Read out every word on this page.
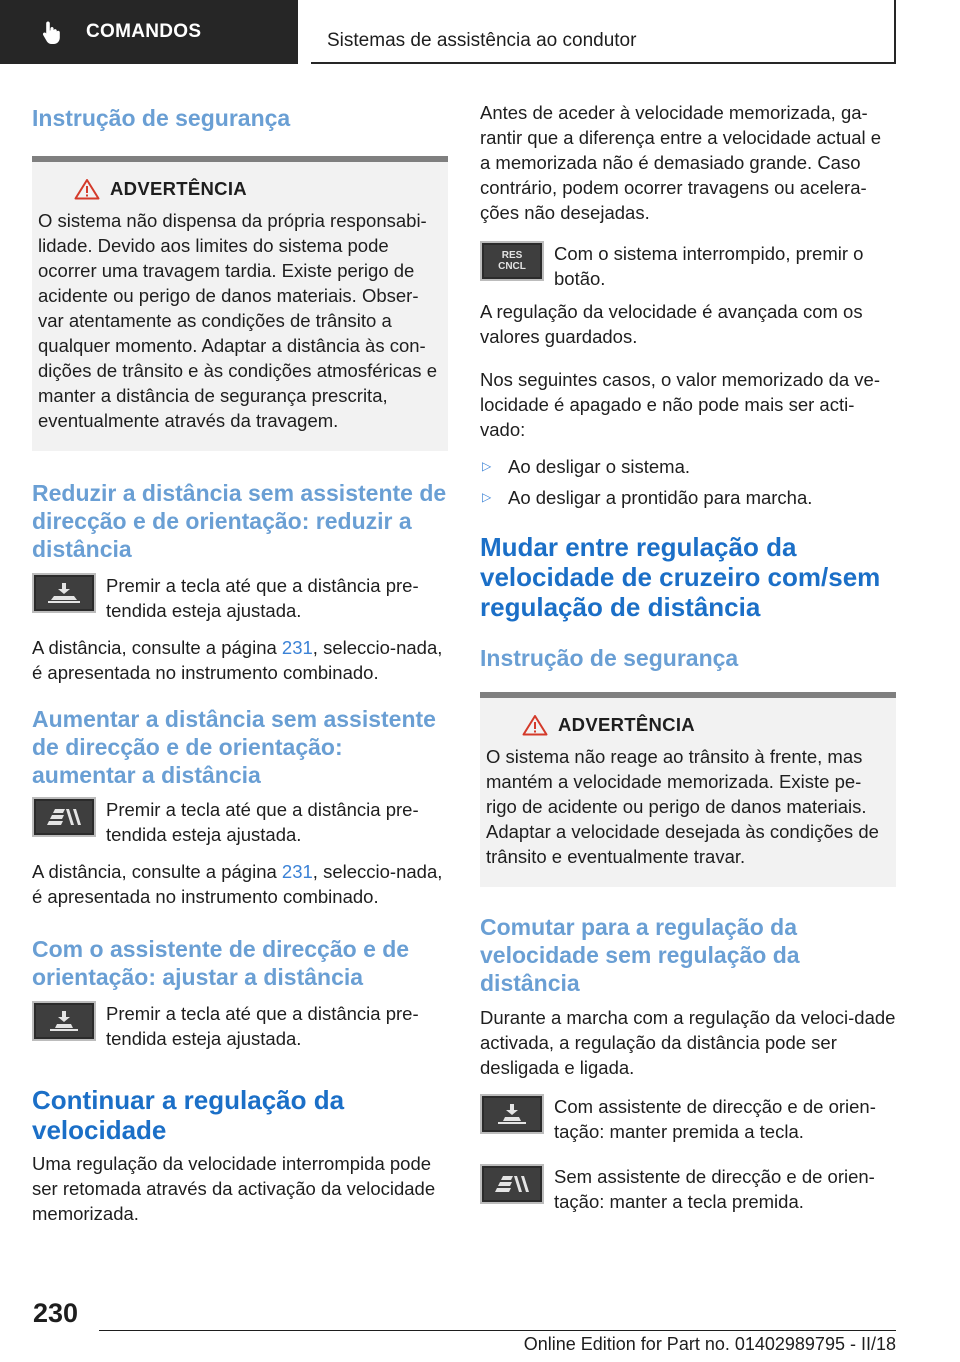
COMANDOS	Sistemas de assistência ao condutor
Instrução de segurança
ADVERTÊNCIA
O sistema não dispensa da própria responsabi-lidade. Devido aos limites do sistema pode ocorrer uma travagem tardia. Existe perigo de acidente ou perigo de danos materiais. Obser-var atentamente as condições de trânsito a qualquer momento. Adaptar a distância às con-dições de trânsito e às condições atmosféricas e manter a distância de segurança prescrita, eventualmente através da travagem.
Reduzir a distância sem assistente de direcção e de orientação: reduzir a distância
Premir a tecla até que a distância pre-tendida esteja ajustada.
A distância, consulte a página 231, seleccio-nada, é apresentada no instrumento combinado.
Aumentar a distância sem assistente de direcção e de orientação: aumentar a distância
Premir a tecla até que a distância pre-tendida esteja ajustada.
A distância, consulte a página 231, seleccio-nada, é apresentada no instrumento combinado.
Com o assistente de direcção e de orientação: ajustar a distância
Premir a tecla até que a distância pre-tendida esteja ajustada.
Continuar a regulação da velocidade
Uma regulação da velocidade interrompida pode ser retomada através da activação da velocidade memorizada.
Antes de aceder à velocidade memorizada, ga-rantir que a diferença entre a velocidade actual e a memorizada não é demasiado grande. Caso contrário, podem ocorrer travagens ou acelera-ções não desejadas.
RES
CNCL
Com o sistema interrompido, premir o botão.
A regulação da velocidade é avançada com os valores guardados.
Nos seguintes casos, o valor memorizado da ve-locidade é apagado e não pode mais ser acti-vado:
▷ Ao desligar o sistema.
▷ Ao desligar a prontidão para marcha.
Mudar entre regulação da velocidade de cruzeiro com/sem regulação de distância
Instrução de segurança
ADVERTÊNCIA
O sistema não reage ao trânsito à frente, mas mantém a velocidade memorizada. Existe pe-rigo de acidente ou perigo de danos materiais. Adaptar a velocidade desejada às condições de trânsito e eventualmente travar.
Comutar para a regulação da velocidade sem regulação da distância
Durante a marcha com a regulação da veloci-dade activada, a regulação da distância pode ser desligada e ligada.
Com assistente de direcção e de orien-tação: manter premida a tecla.
Sem assistente de direcção e de orien-tação: manter a tecla premida.
230
Online Edition for Part no. 01402989795 - II/18
